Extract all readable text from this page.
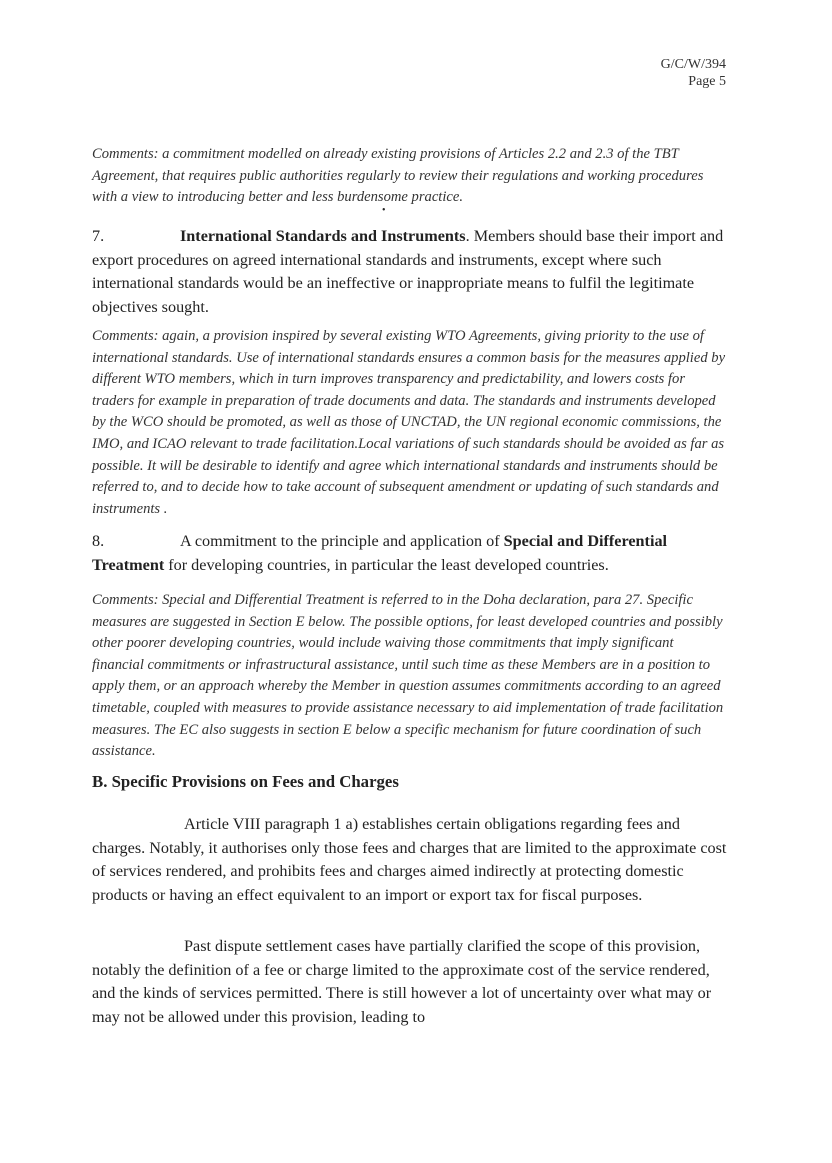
G/C/W/394
Page 5
Comments: a commitment modelled on already existing provisions of Articles 2.2 and 2.3 of the TBT Agreement, that requires public authorities regularly to review their regulations and working procedures with a view to introducing better and less burdensome practice.
•
7.	International Standards and Instruments. Members should base their import and export procedures on agreed international standards and instruments, except where such international standards would be an ineffective or inappropriate means to fulfil the legitimate objectives sought.
Comments: again, a provision inspired by several existing WTO Agreements, giving priority to the use of international standards. Use of international standards ensures a common basis for the measures applied by different WTO members, which in turn improves transparency and predictability, and lowers costs for traders for example in preparation of trade documents and data. The standards and instruments developed by the WCO should be promoted, as well as those of UNCTAD, the UN regional economic commissions, the IMO, and ICAO relevant to trade facilitation.Local variations of such standards should be avoided as far as possible. It will be desirable to identify and agree which international standards and instruments should be referred to, and to decide how to take account of subsequent amendment or updating of such standards and instruments .
8.	A commitment to the principle and application of Special and Differential Treatment for developing countries, in particular the least developed countries.
Comments: Special and Differential Treatment is referred to in the Doha declaration, para 27. Specific measures are suggested in Section E below. The possible options, for least developed countries and possibly other poorer developing countries, would include waiving those commitments that imply significant financial commitments or infrastructural assistance, until such time as these Members are in a position to apply them, or an approach whereby the Member in question assumes commitments according to an agreed timetable, coupled with measures to provide assistance necessary to aid implementation of trade facilitation measures. The EC also suggests in section E below a specific mechanism for future coordination of such assistance.
B. Specific Provisions on Fees and Charges
Article VIII paragraph 1 a) establishes certain obligations regarding fees and charges. Notably, it authorises only those fees and charges that are limited to the approximate cost of services rendered, and prohibits fees and charges aimed indirectly at protecting domestic products or having an effect equivalent to an import or export tax for fiscal purposes.
Past dispute settlement cases have partially clarified the scope of this provision, notably the definition of a fee or charge limited to the approximate cost of the service rendered, and the kinds of services permitted. There is still however a lot of uncertainty over what may or may not be allowed under this provision, leading to
